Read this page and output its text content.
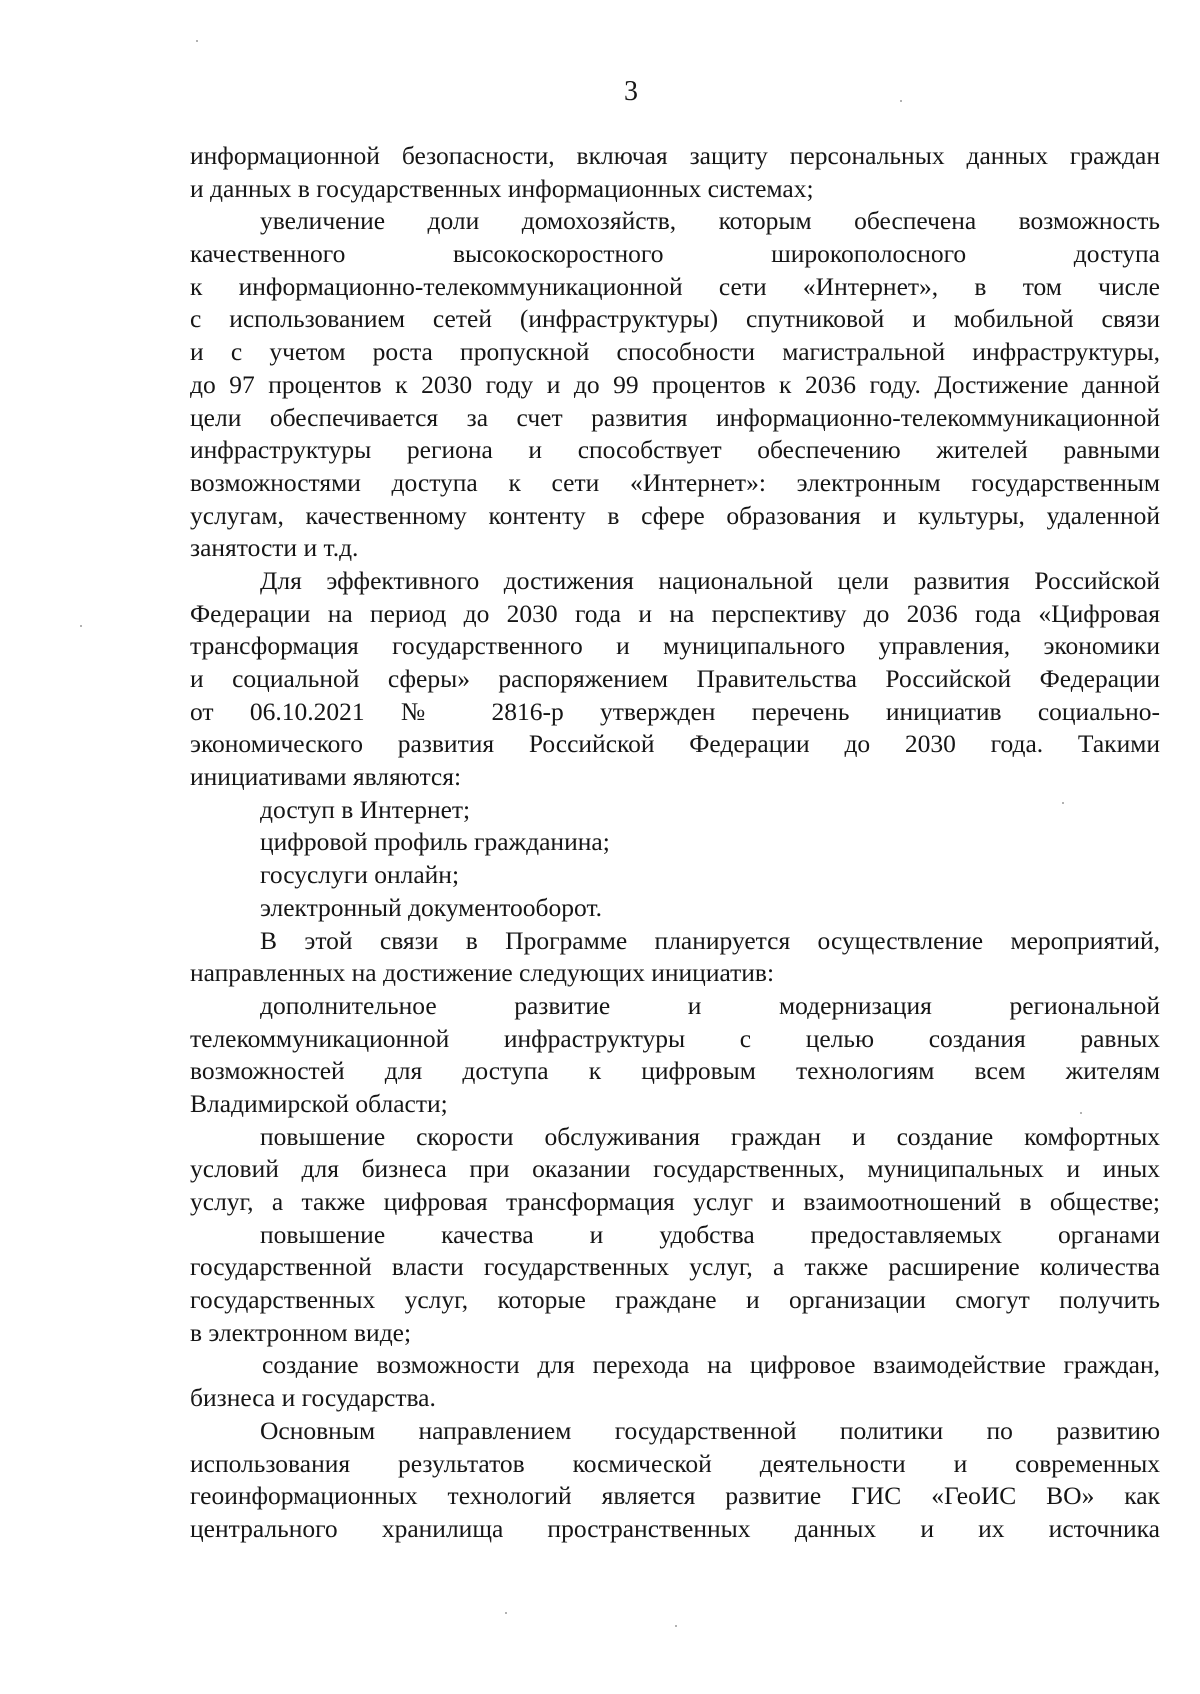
3
информационной безопасности, включая защиту персональных данных граждан
и данных в государственных информационных системах;
увеличение доли домохозяйств, которым обеспечена возможность
качественного высокоскоростного широкополосного доступа
к информационно-телекоммуникационной сети «Интернет», в том числе
с использованием сетей (инфраструктуры) спутниковой и мобильной связи
и с учетом роста пропускной способности магистральной инфраструктуры,
до 97 процентов к 2030 году и до 99 процентов к 2036 году. Достижение данной
цели обеспечивается за счет развития информационно-телекоммуникационной
инфраструктуры региона и способствует обеспечению жителей равными
возможностями доступа к сети «Интернет»: электронным государственным
услугам, качественному контенту в сфере образования и культуры, удаленной
занятости и т.д.
Для эффективного достижения национальной цели развития Российской
Федерации на период до 2030 года и на перспективу до 2036 года «Цифровая
трансформация государственного и муниципального управления, экономики
и социальной сферы» распоряжением Правительства Российской Федерации
от 06.10.2021 № 2816-р утвержден перечень инициатив социально-
экономического развития Российской Федерации до 2030 года. Такими
инициативами являются:
доступ в Интернет;
цифровой профиль гражданина;
госуслуги онлайн;
электронный документооборот.
В этой связи в Программе планируется осуществление мероприятий,
направленных на достижение следующих инициатив:
дополнительное развитие и модернизация региональной
телекоммуникационной инфраструктуры с целью создания равных
возможностей для доступа к цифровым технологиям всем жителям
Владимирской области;
повышение скорости обслуживания граждан и создание комфортных
условий для бизнеса при оказании государственных, муниципальных и иных
услуг, а также цифровая трансформация услуг и взаимоотношений в обществе;
повышение качества и удобства предоставляемых органами
государственной власти государственных услуг, а также расширение количества
государственных услуг, которые граждане и организации смогут получить
в электронном виде;
создание возможности для перехода на цифровое взаимодействие граждан,
бизнеса и государства.
Основным направлением государственной политики по развитию
использования результатов космической деятельности и современных
геоинформационных технологий является развитие ГИС «ГеоИС ВО» как
центрального хранилища пространственных данных и их источника
